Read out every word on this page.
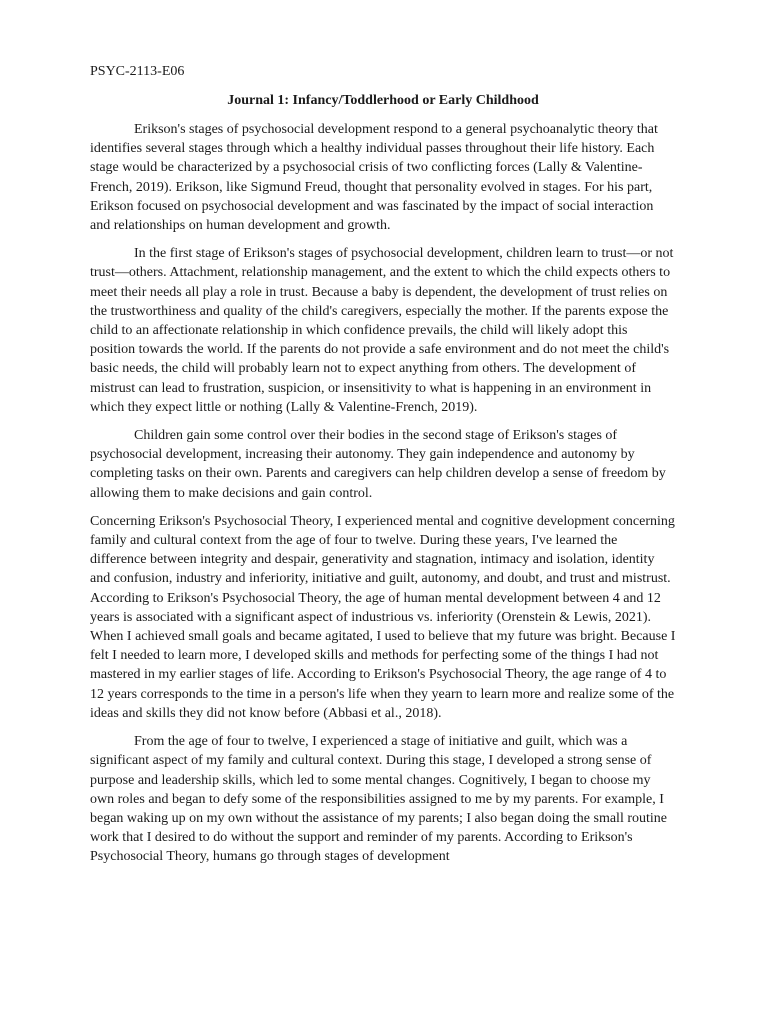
PSYC-2113-E06
Journal 1: Infancy/Toddlerhood or Early Childhood

Erikson's stages of psychosocial development respond to a general psychoanalytic theory that identifies several stages through which a healthy individual passes throughout their life history. Each stage would be characterized by a psychosocial crisis of two conflicting forces (Lally & Valentine-French, 2019). Erikson, like Sigmund Freud, thought that personality evolved in stages. For his part, Erikson focused on psychosocial development and was fascinated by the impact of social interaction and relationships on human development and growth.

In the first stage of Erikson's stages of psychosocial development, children learn to trust—or not trust—others. Attachment, relationship management, and the extent to which the child expects others to meet their needs all play a role in trust. Because a baby is dependent, the development of trust relies on the trustworthiness and quality of the child's caregivers, especially the mother. If the parents expose the child to an affectionate relationship in which confidence prevails, the child will likely adopt this position towards the world. If the parents do not provide a safe environment and do not meet the child's basic needs, the child will probably learn not to expect anything from others. The development of mistrust can lead to frustration, suspicion, or insensitivity to what is happening in an environment in which they expect little or nothing (Lally & Valentine-French, 2019).

Children gain some control over their bodies in the second stage of Erikson's stages of psychosocial development, increasing their autonomy. They gain independence and autonomy by completing tasks on their own. Parents and caregivers can help children develop a sense of freedom by allowing them to make decisions and gain control.

Concerning Erikson's Psychosocial Theory, I experienced mental and cognitive development concerning family and cultural context from the age of four to twelve. During these years, I've learned the difference between integrity and despair, generativity and stagnation, intimacy and isolation, identity and confusion, industry and inferiority, initiative and guilt, autonomy, and doubt, and trust and mistrust. According to Erikson's Psychosocial Theory, the age of human mental development between 4 and 12 years is associated with a significant aspect of industrious vs. inferiority (Orenstein & Lewis, 2021). When I achieved small goals and became agitated, I used to believe that my future was bright. Because I felt I needed to learn more, I developed skills and methods for perfecting some of the things I had not mastered in my earlier stages of life. According to Erikson's Psychosocial Theory, the age range of 4 to 12 years corresponds to the time in a person's life when they yearn to learn more and realize some of the ideas and skills they did not know before (Abbasi et al., 2018).

From the age of four to twelve, I experienced a stage of initiative and guilt, which was a significant aspect of my family and cultural context. During this stage, I developed a strong sense of purpose and leadership skills, which led to some mental changes. Cognitively, I began to choose my own roles and began to defy some of the responsibilities assigned to me by my parents. For example, I began waking up on my own without the assistance of my parents; I also began doing the small routine work that I desired to do without the support and reminder of my parents. According to Erikson's Psychosocial Theory, humans go through stages of development
